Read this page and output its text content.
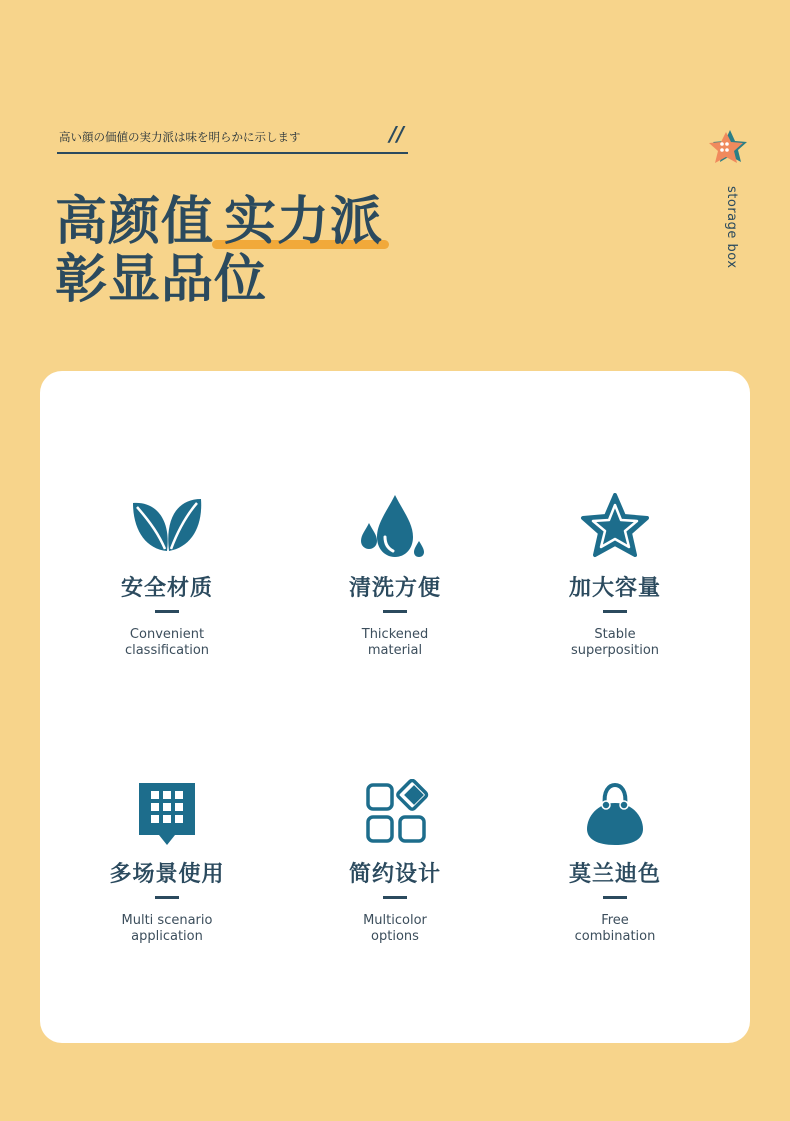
高い顔の価値の実力派は味を明らかに示します	//
高颜值 实力派
彰显品位
storage box
安全材质
Convenient
classification
清洗方便
Thickened
material
加大容量
Stable
superposition
多场景使用
Multi scenario
application
简约设计
Multicolor
options
莫兰迪色
Free
combination
